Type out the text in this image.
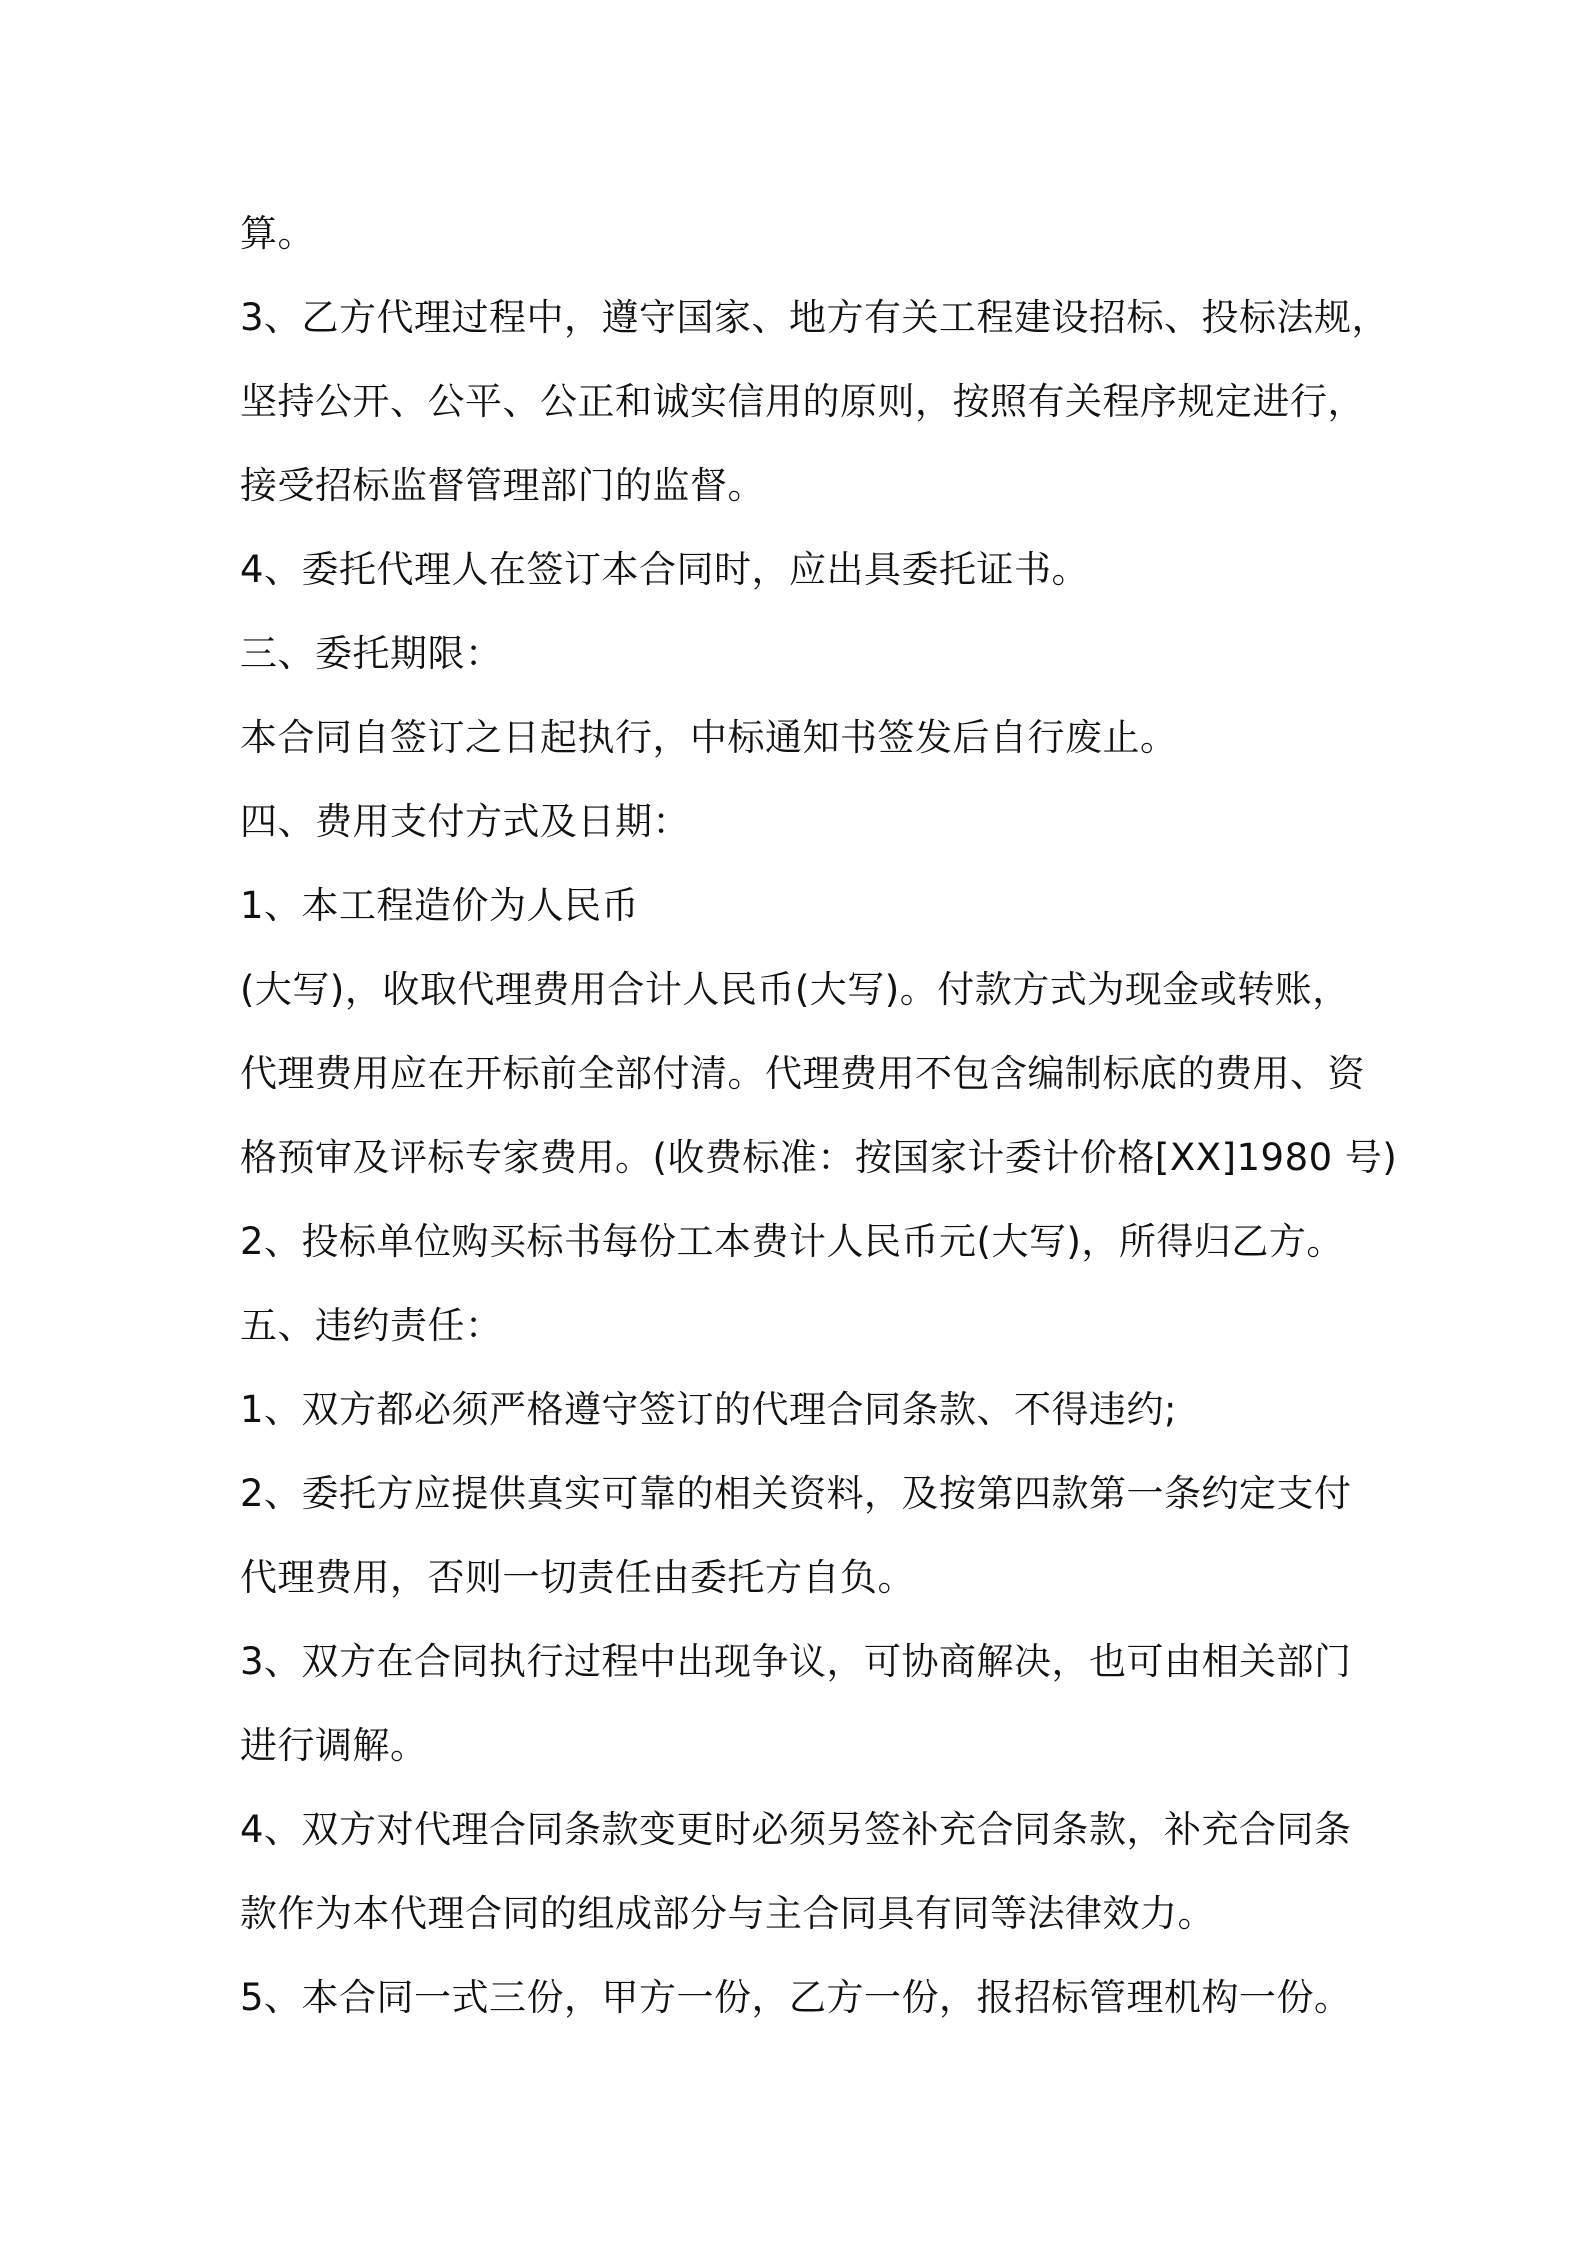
算。
3、乙方代理过程中，遵守国家、地方有关工程建设招标、投标法规，
坚持公开、公平、公正和诚实信用的原则，按照有关程序规定进行，
接受招标监督管理部门的监督。
4、委托代理人在签订本合同时，应出具委托证书。
三、委托期限：
本合同自签订之日起执行，中标通知书签发后自行废止。
四、费用支付方式及日期：
1、本工程造价为人民币
(大写)，收取代理费用合计人民币(大写)。付款方式为现金或转账，
代理费用应在开标前全部付清。代理费用不包含编制标底的费用、资
格预审及评标专家费用。(收费标准：按国家计委计价格[XX]1980 号)
2、投标单位购买标书每份工本费计人民币元(大写)，所得归乙方。
五、违约责任：
1、双方都必须严格遵守签订的代理合同条款、不得违约;
2、委托方应提供真实可靠的相关资料，及按第四款第一条约定支付
代理费用，否则一切责任由委托方自负。
3、双方在合同执行过程中出现争议，可协商解决，也可由相关部门
进行调解。
4、双方对代理合同条款变更时必须另签补充合同条款，补充合同条
款作为本代理合同的组成部分与主合同具有同等法律效力。
5、本合同一式三份，甲方一份，乙方一份，报招标管理机构一份。
